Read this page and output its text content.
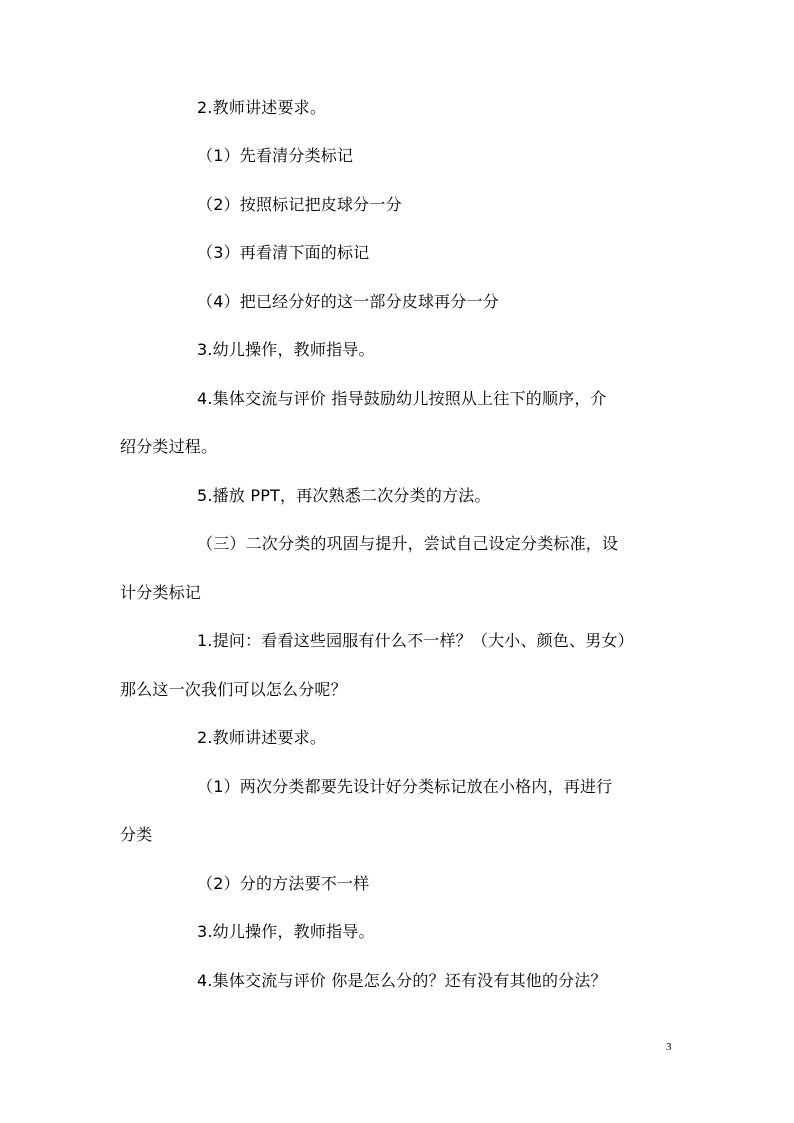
2.教师讲述要求。
（1）先看清分类标记
（2）按照标记把皮球分一分
（3）再看清下面的标记
（4）把已经分好的这一部分皮球再分一分
3.幼儿操作，教师指导。
4.集体交流与评价 指导鼓励幼儿按照从上往下的顺序，介
绍分类过程。
5.播放 PPT，再次熟悉二次分类的方法。
（三）二次分类的巩固与提升，尝试自己设定分类标准，设
计分类标记
1.提问：看看这些园服有什么不一样？（大小、颜色、男女）
那么这一次我们可以怎么分呢？
2.教师讲述要求。
（1）两次分类都要先设计好分类标记放在小格内，再进行
分类
（2）分的方法要不一样
3.幼儿操作，教师指导。
4.集体交流与评价 你是怎么分的？还有没有其他的分法？
3
